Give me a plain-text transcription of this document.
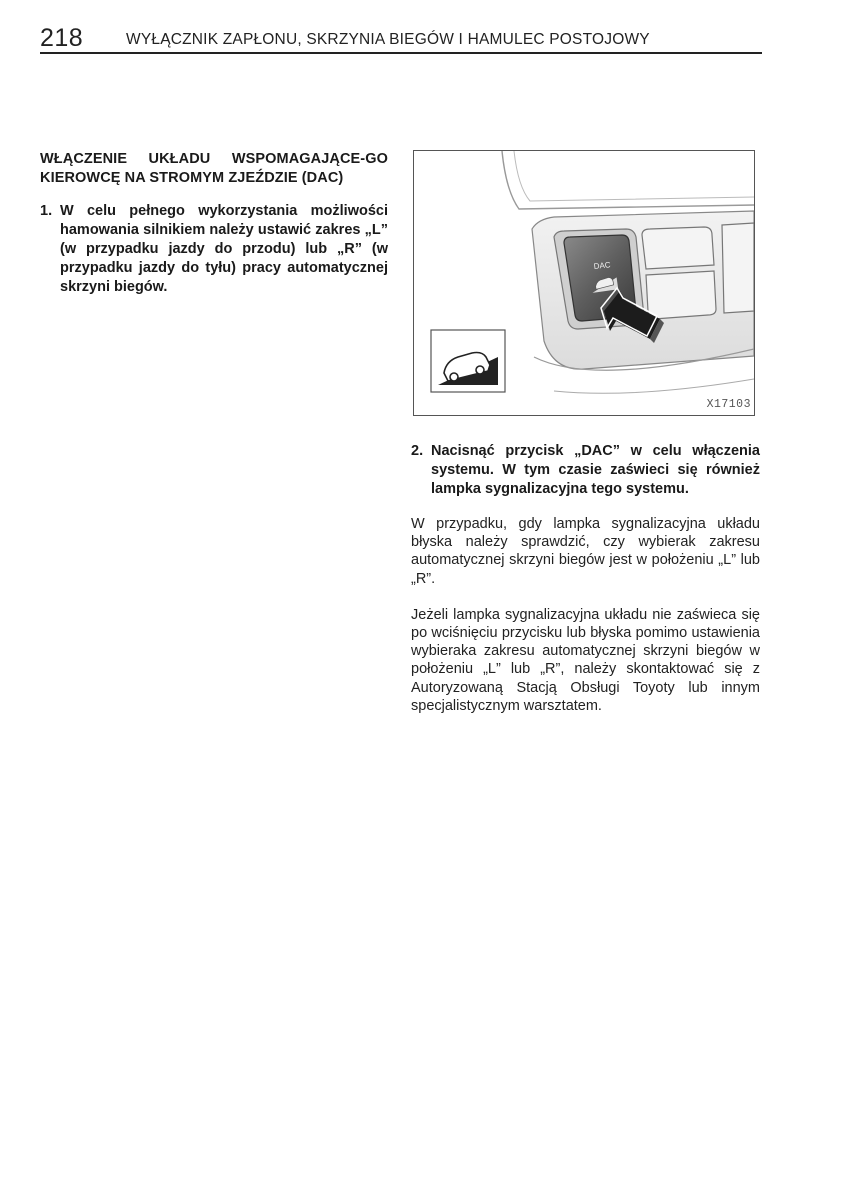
218	WYŁĄCZNIK ZAPŁONU, SKRZYNIA BIEGÓW I HAMULEC POSTOJOWY
WŁĄCZENIE UKŁADU WSPOMAGAJĄCE-GO KIEROWCĘ NA STROMYM ZJEŹDZIE (DAC)
1. W celu pełnego wykorzystania możliwości hamowania silnikiem należy ustawić zakres „L” (w przypadku jazdy do przodu) lub „R” (w przypadku jazdy do tyłu) pracy automatycznej skrzyni biegów.
DAC
X17103
2. Nacisnąć przycisk „DAC” w celu włączenia systemu. W tym czasie zaświeci się również lampka sygnalizacyjna tego systemu.

W przypadku, gdy lampka sygnalizacyjna układu błyska należy sprawdzić, czy wybierak zakresu automatycznej skrzyni biegów jest w położeniu „L” lub „R”.

Jeżeli lampka sygnalizacyjna układu nie zaświeca się po wciśnięciu przycisku lub błyska pomimo ustawienia wybieraka zakresu automatycznej skrzyni biegów w położeniu „L” lub „R”, należy skontaktować się z Autoryzowaną Stacją Obsługi Toyoty lub innym specjalistycznym warsztatem.
